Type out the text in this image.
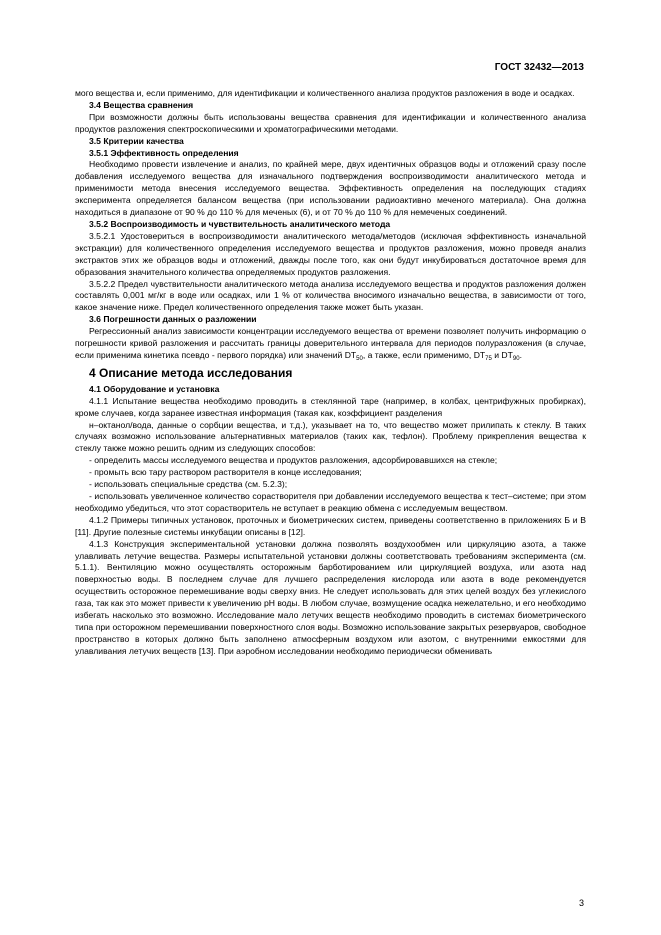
ГОСТ 32432—2013

мого вещества и, если применимо, для идентификации и количественного анализа продуктов разложения в воде и осадках.

3.4 Вещества сравнения

При возможности должны быть использованы вещества сравнения для идентификации и количественного анализа продуктов разложения спектроскопическими и хроматографическими методами.

3.5 Критерии качества

3.5.1 Эффективность определения

Необходимо провести извлечение и анализ, по крайней мере, двух идентичных образцов воды и отложений сразу после добавления исследуемого вещества для изначального подтверждения воспроизводимости аналитического метода и применимости метода внесения исследуемого вещества. Эффективность определения на последующих стадиях эксперимента определяется балансом вещества (при использовании радиоактивно меченого материала). Она должна находиться в диапазоне от 90 % до 110 % для меченых (6), и от 70 % до 110 % для немеченых соединений.

3.5.2 Воспроизводимость и чувствительность аналитического метода

3.5.2.1 Удостовериться в воспроизводимости аналитического метода/методов (исключая эффективность изначальной экстракции) для количественного определения исследуемого вещества и продуктов разложения, можно проведя анализ экстрактов этих же образцов воды и отложений, дважды после того, как они будут инкубироваться достаточное время для образования значительного количества определяемых продуктов разложения.

3.5.2.2 Предел чувствительности аналитического метода анализа исследуемого вещества и продуктов разложения должен составлять 0,001 мг/кг в воде или осадках, или 1 % от количества вносимого изначально вещества, в зависимости от того, какое значение ниже. Предел количественного определения также может быть указан.

3.6 Погрешности данных о разложении

Регрессионный анализ зависимости концентрации исследуемого вещества от времени позволяет получить информацию о погрешности кривой разложения и рассчитать границы доверительного интервала для периодов полуразложения (в случае, если применима кинетика псевдо - первого порядка) или значений $DT_{50}$, а также, если применимо, $DT_{75}$ и $DT_{90}$.

4 Описание метода исследования

4.1 Оборудование и установка

4.1.1 Испытание вещества необходимо проводить в стеклянной таре (например, в колбах, центрифужных пробирках), кроме случаев, когда заранее известная информация (такая как, коэффициент разделения

н–октанол/вода, данные о сорбции вещества, и т.д.), указывает на то, что вещество может прилипать к стеклу. В таких случаях возможно использование альтернативных материалов (таких как, тефлон). Проблему прикрепления вещества к стеклу также можно решить одним из следующих способов:

- определить массы исследуемого вещества и продуктов разложения, адсорбировавшихся на стекле;

- промыть всю тару раствором растворителя в конце исследования;

- использовать специальные средства (см. 5.2.3);

- использовать увеличенное количество сорастворителя при добавлении исследуемого вещества к тест–системе; при этом необходимо убедиться, что этот сорастворитель не вступает в реакцию обмена с исследуемым веществом.

4.1.2 Примеры типичных установок, проточных и биометрических систем, приведены соответственно в приложениях Б и В [11]. Другие полезные системы инкубации описаны в [12].

4.1.3 Конструкция экспериментальной установки должна позволять воздухообмен или циркуляцию азота, а также улавливать летучие вещества. Размеры испытательной установки должны соответствовать требованиям эксперимента (см. 5.1.1). Вентиляцию можно осуществлять осторожным барботированием или циркуляцией воздуха, или азота над поверхностью воды. В последнем случае для лучшего распределения кислорода или азота в воде рекомендуется осуществить осторожное перемешивание воды сверху вниз. Не следует использовать для этих целей воздух без углекислого газа, так как это может привести к увеличению pH воды. В любом случае, возмущение осадка нежелательно, и его необходимо избегать насколько это возможно. Исследование мало летучих веществ необходимо проводить в системах биометрического типа при осторожном перемешивании поверхностного слоя воды. Возможно использование закрытых резервуаров, свободное пространство в которых должно быть заполнено атмосферным воздухом или азотом, с внутренними емкостями для улавливания летучих веществ [13]. При аэробном исследовании необходимо периодически обменивать

3
